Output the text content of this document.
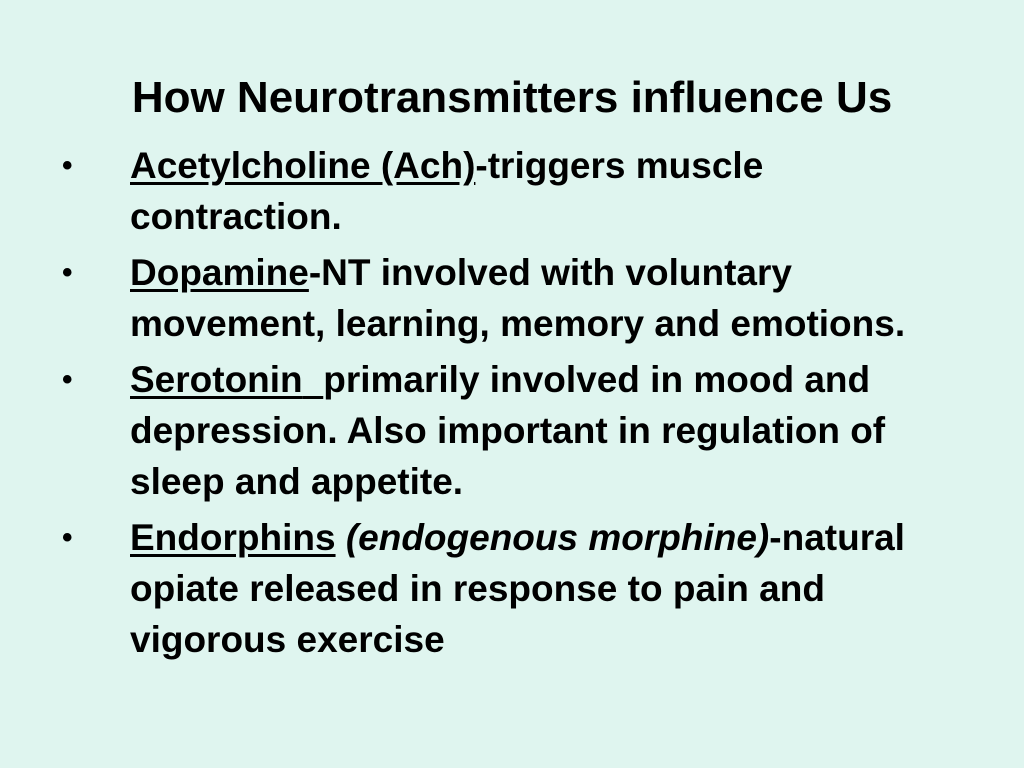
How Neurotransmitters influence Us
• Acetylcholine (Ach)-triggers muscle contraction.
• Dopamine-NT involved with voluntary movement, learning, memory and emotions.
• Serotonin primarily involved in mood and depression. Also important in regulation of sleep and appetite.
• Endorphins (endogenous morphine)-natural opiate released in response to pain and vigorous exercise
